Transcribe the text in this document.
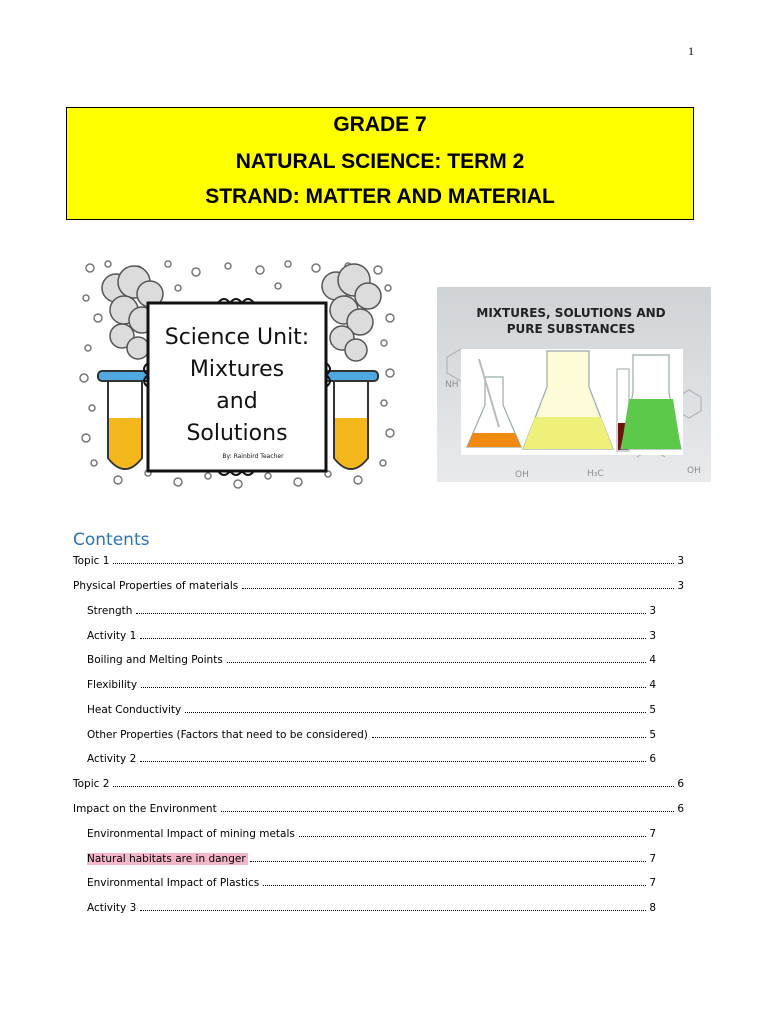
1
GRADE 7
NATURAL SCIENCE: TERM 2
STRAND: MATTER AND MATERIAL
Science Unit:
Mixtures
and
Solutions
By: Rainbird Teacher
OH	H₃C	OH
NH
MIXTURES, SOLUTIONS AND
PURE SUBSTANCES
Contents
Topic 1	3
Physical Properties of materials	3
Strength	3
Activity 1	3
Boiling and Melting Points	4
Flexibility	4
Heat Conductivity	5
Other Properties (Factors that need to be considered)	5
Activity 2	6
Topic 2	6
Impact on the Environment	6
Environmental Impact of mining metals	7
Natural habitats are in danger	7
Environmental Impact of Plastics	7
Activity 3	8
